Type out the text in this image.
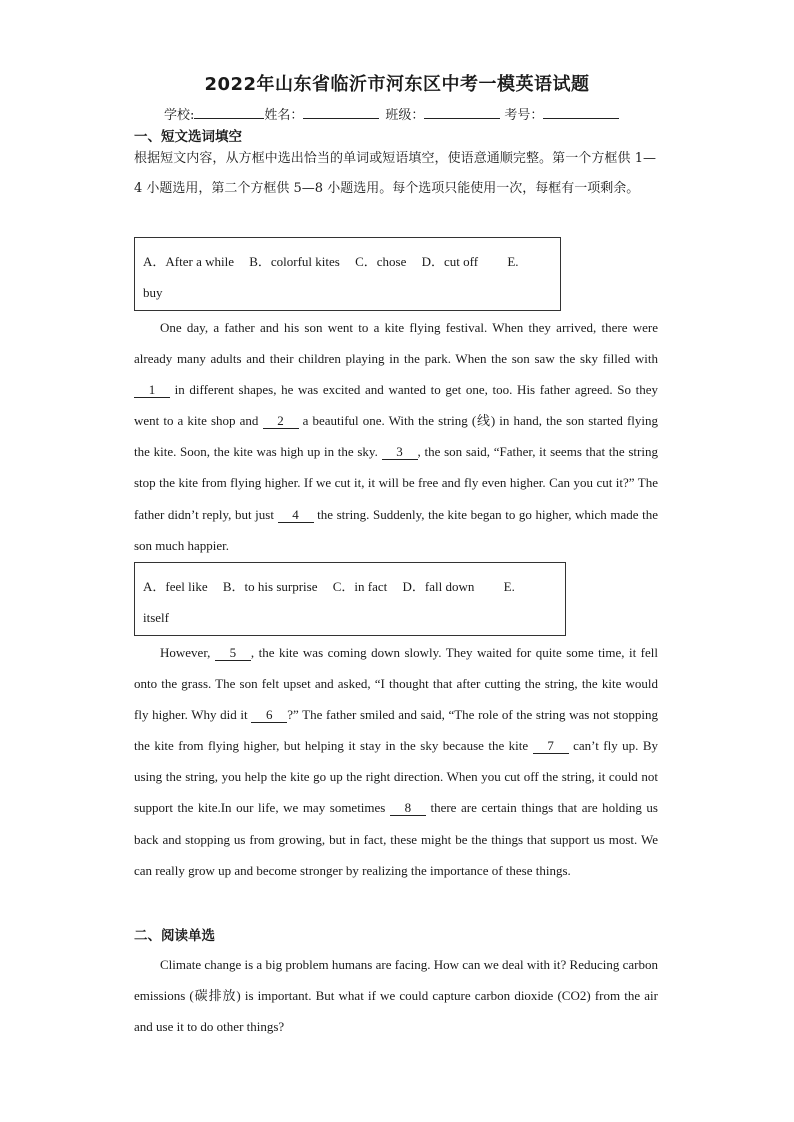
2022年山东省临沂市河东区中考一模英语试题
学校:	姓名：	班级：	考号：
一、短文选词填空
根据短文内容，从方框中选出恰当的单词或短语填空，使语意通顺完整。第一个方框供 1—4 小题选用，第二个方框供 5—8 小题选用。每个选项只能使用一次，每框有一项剩余。
A．After a while B．colorful kites C．chose D．cut off E. buy

One day, a father and his son went to a kite flying festival. When they arrived, there were already many adults and their children playing in the park. When the son saw the sky filled with 1 in different shapes, he was excited and wanted to get one, too. His father agreed. So they went to a kite shop and 2 a beautiful one. With the string (线) in hand, the son started flying the kite. Soon, the kite was high up in the sky. 3 , the son said, “Father, it seems that the string stop the kite from flying higher. If we cut it, it will be free and fly even higher. Can you cut it?” The father didn’t reply, but just 4 the string. Suddenly, the kite began to go higher, which made the son much happier.

A．feel like B．to his surprise C．in fact D．fall down E. itself

However, 5 , the kite was coming down slowly. They waited for quite some time, it fell onto the grass. The son felt upset and asked, “I thought that after cutting the string, the kite would fly higher. Why did it 6 ?” The father smiled and said, “The role of the string was not stopping the kite from flying higher, but helping it stay in the sky because the kite 7 can’t fly up. By using the string, you help the kite go up the right direction. When you cut off the string, it could not support the kite.In our life, we may sometimes 8 there are certain things that are holding us back and stopping us from growing, but in fact, these might be the things that support us most. We can really grow up and become stronger by realizing the importance of these things.

二、阅读单选

Climate change is a big problem humans are facing. How can we deal with it? Reducing carbon emissions (碳排放) is important. But what if we could capture carbon dioxide (CO2) from the air and use it to do other things?
